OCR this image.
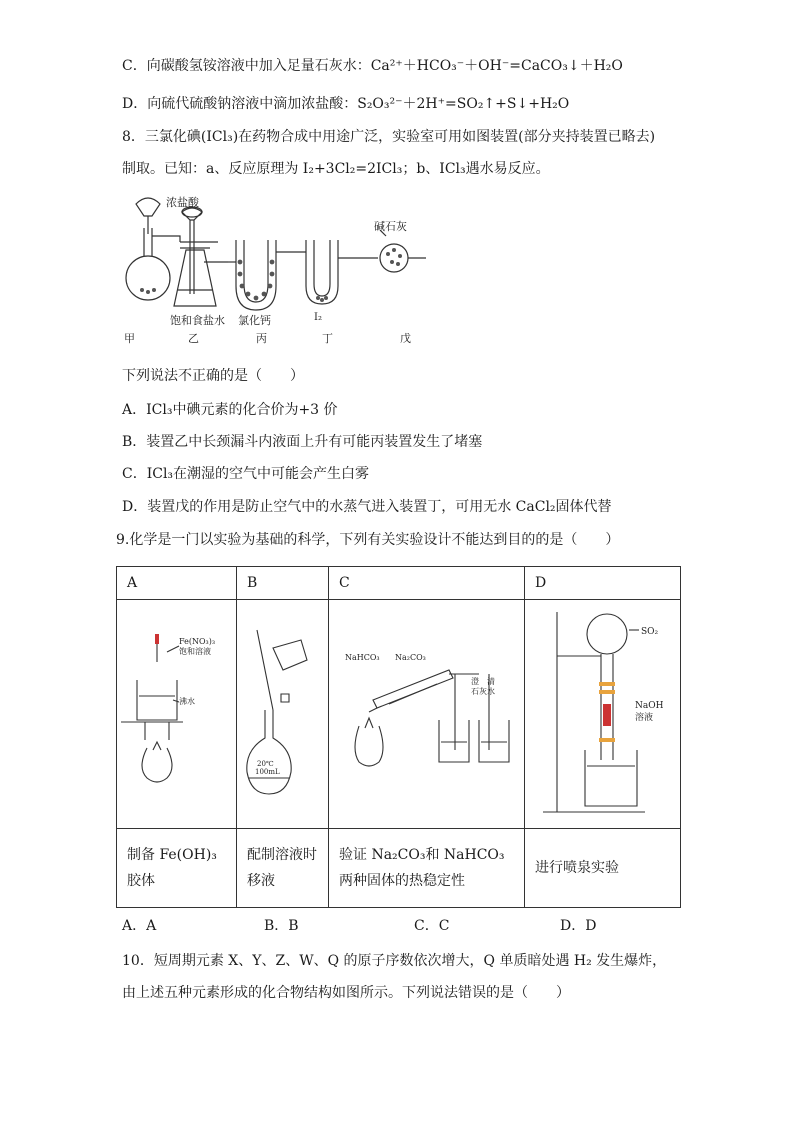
C．向碳酸氢铵溶液中加入足量石灰水：Ca²⁺＋HCO₃⁻＋OH⁻=CaCO₃↓＋H₂O
D．向硫代硫酸钠溶液中滴加浓盐酸：S₂O₃²⁻＋2H⁺=SO₂↑+S↓+H₂O
8．三氯化碘(ICl₃)在药物合成中用途广泛，实验室可用如图装置(部分夹持装置已略去)
制取。已知：a、反应原理为 I₂+3Cl₂=2ICl₃；b、ICl₃遇水易反应。
浓盐酸
碱石灰
饱和食盐水 氯化钙	I₂
甲	乙	丙	丁	戊
下列说法不正确的是（　　）
A．ICl₃中碘元素的化合价为+3 价
B．装置乙中长颈漏斗内液面上升有可能丙装置发生了堵塞
C．ICl₃在潮湿的空气中可能会产生白雾
D．装置戊的作用是防止空气中的水蒸气进入装置丁，可用无水 CaCl₂固体代替
9.化学是一门以实验为基础的科学，下列有关实验设计不能达到目的的是（　　）
A	B	C	D

Fe(NO₃)₃
饱和溶液
沸水	20℃
100mL	NaHCO₃ Na₂CO₃
澄　清
石灰水	SO₂
NaOH
溶液

制备 Fe(OH)₃胶体	配制溶液时移液	验证 Na₂CO₃和 NaHCO₃两种固体的热稳定性	进行喷泉实验
A．A	B．B	C．C	D．D
10．短周期元素 X、Y、Z、W、Q 的原子序数依次增大，Q 单质暗处遇 H₂ 发生爆炸，
由上述五种元素形成的化合物结构如图所示。下列说法错误的是（　　）
